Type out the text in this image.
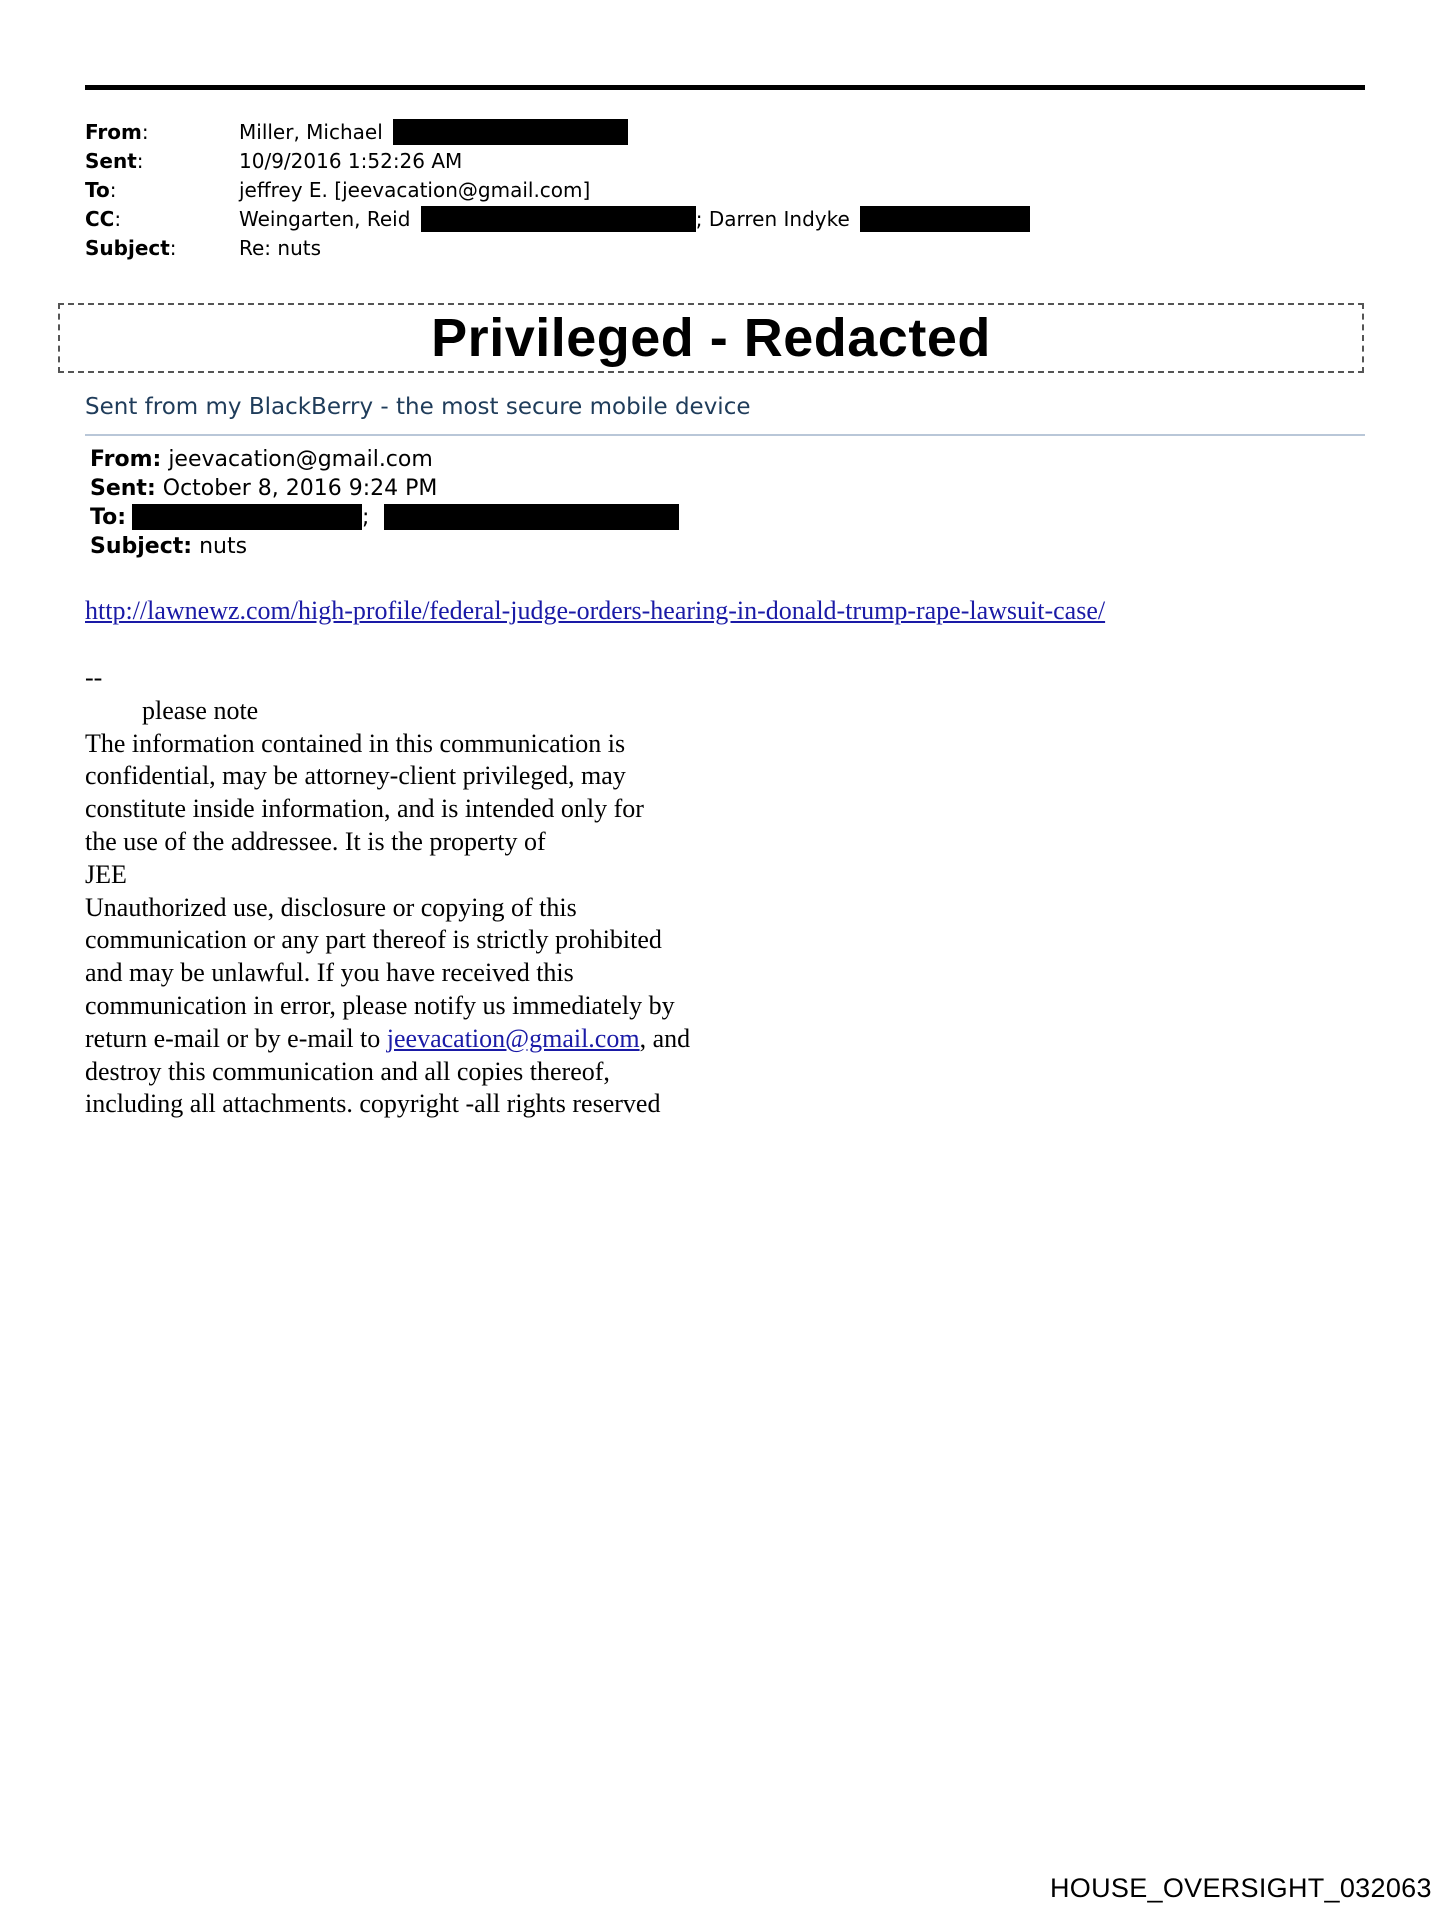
From:	Miller, Michael
Sent:	10/9/2016 1:52:26 AM
To:	jeffrey E. [jeevacation@gmail.com]
CC:	Weingarten, Reid	; Darren Indyke
Subject:	Re: nuts
Privileged - Redacted
Sent from my BlackBerry - the most secure mobile device
From: jeevacation@gmail.com
Sent: October 8, 2016 9:24 PM
To:	;
Subject: nuts
http://lawnewz.com/high-profile/federal-judge-orders-hearing-in-donald-trump-rape-lawsuit-case/
--
please note
The information contained in this communication is
confidential, may be attorney-client privileged, may
constitute inside information, and is intended only for
the use of the addressee. It is the property of
JEE
Unauthorized use, disclosure or copying of this
communication or any part thereof is strictly prohibited
and may be unlawful. If you have received this
communication in error, please notify us immediately by
return e-mail or by e-mail to jeevacation@gmail.com, and
destroy this communication and all copies thereof,
including all attachments. copyright -all rights reserved
HOUSE_OVERSIGHT_032063
